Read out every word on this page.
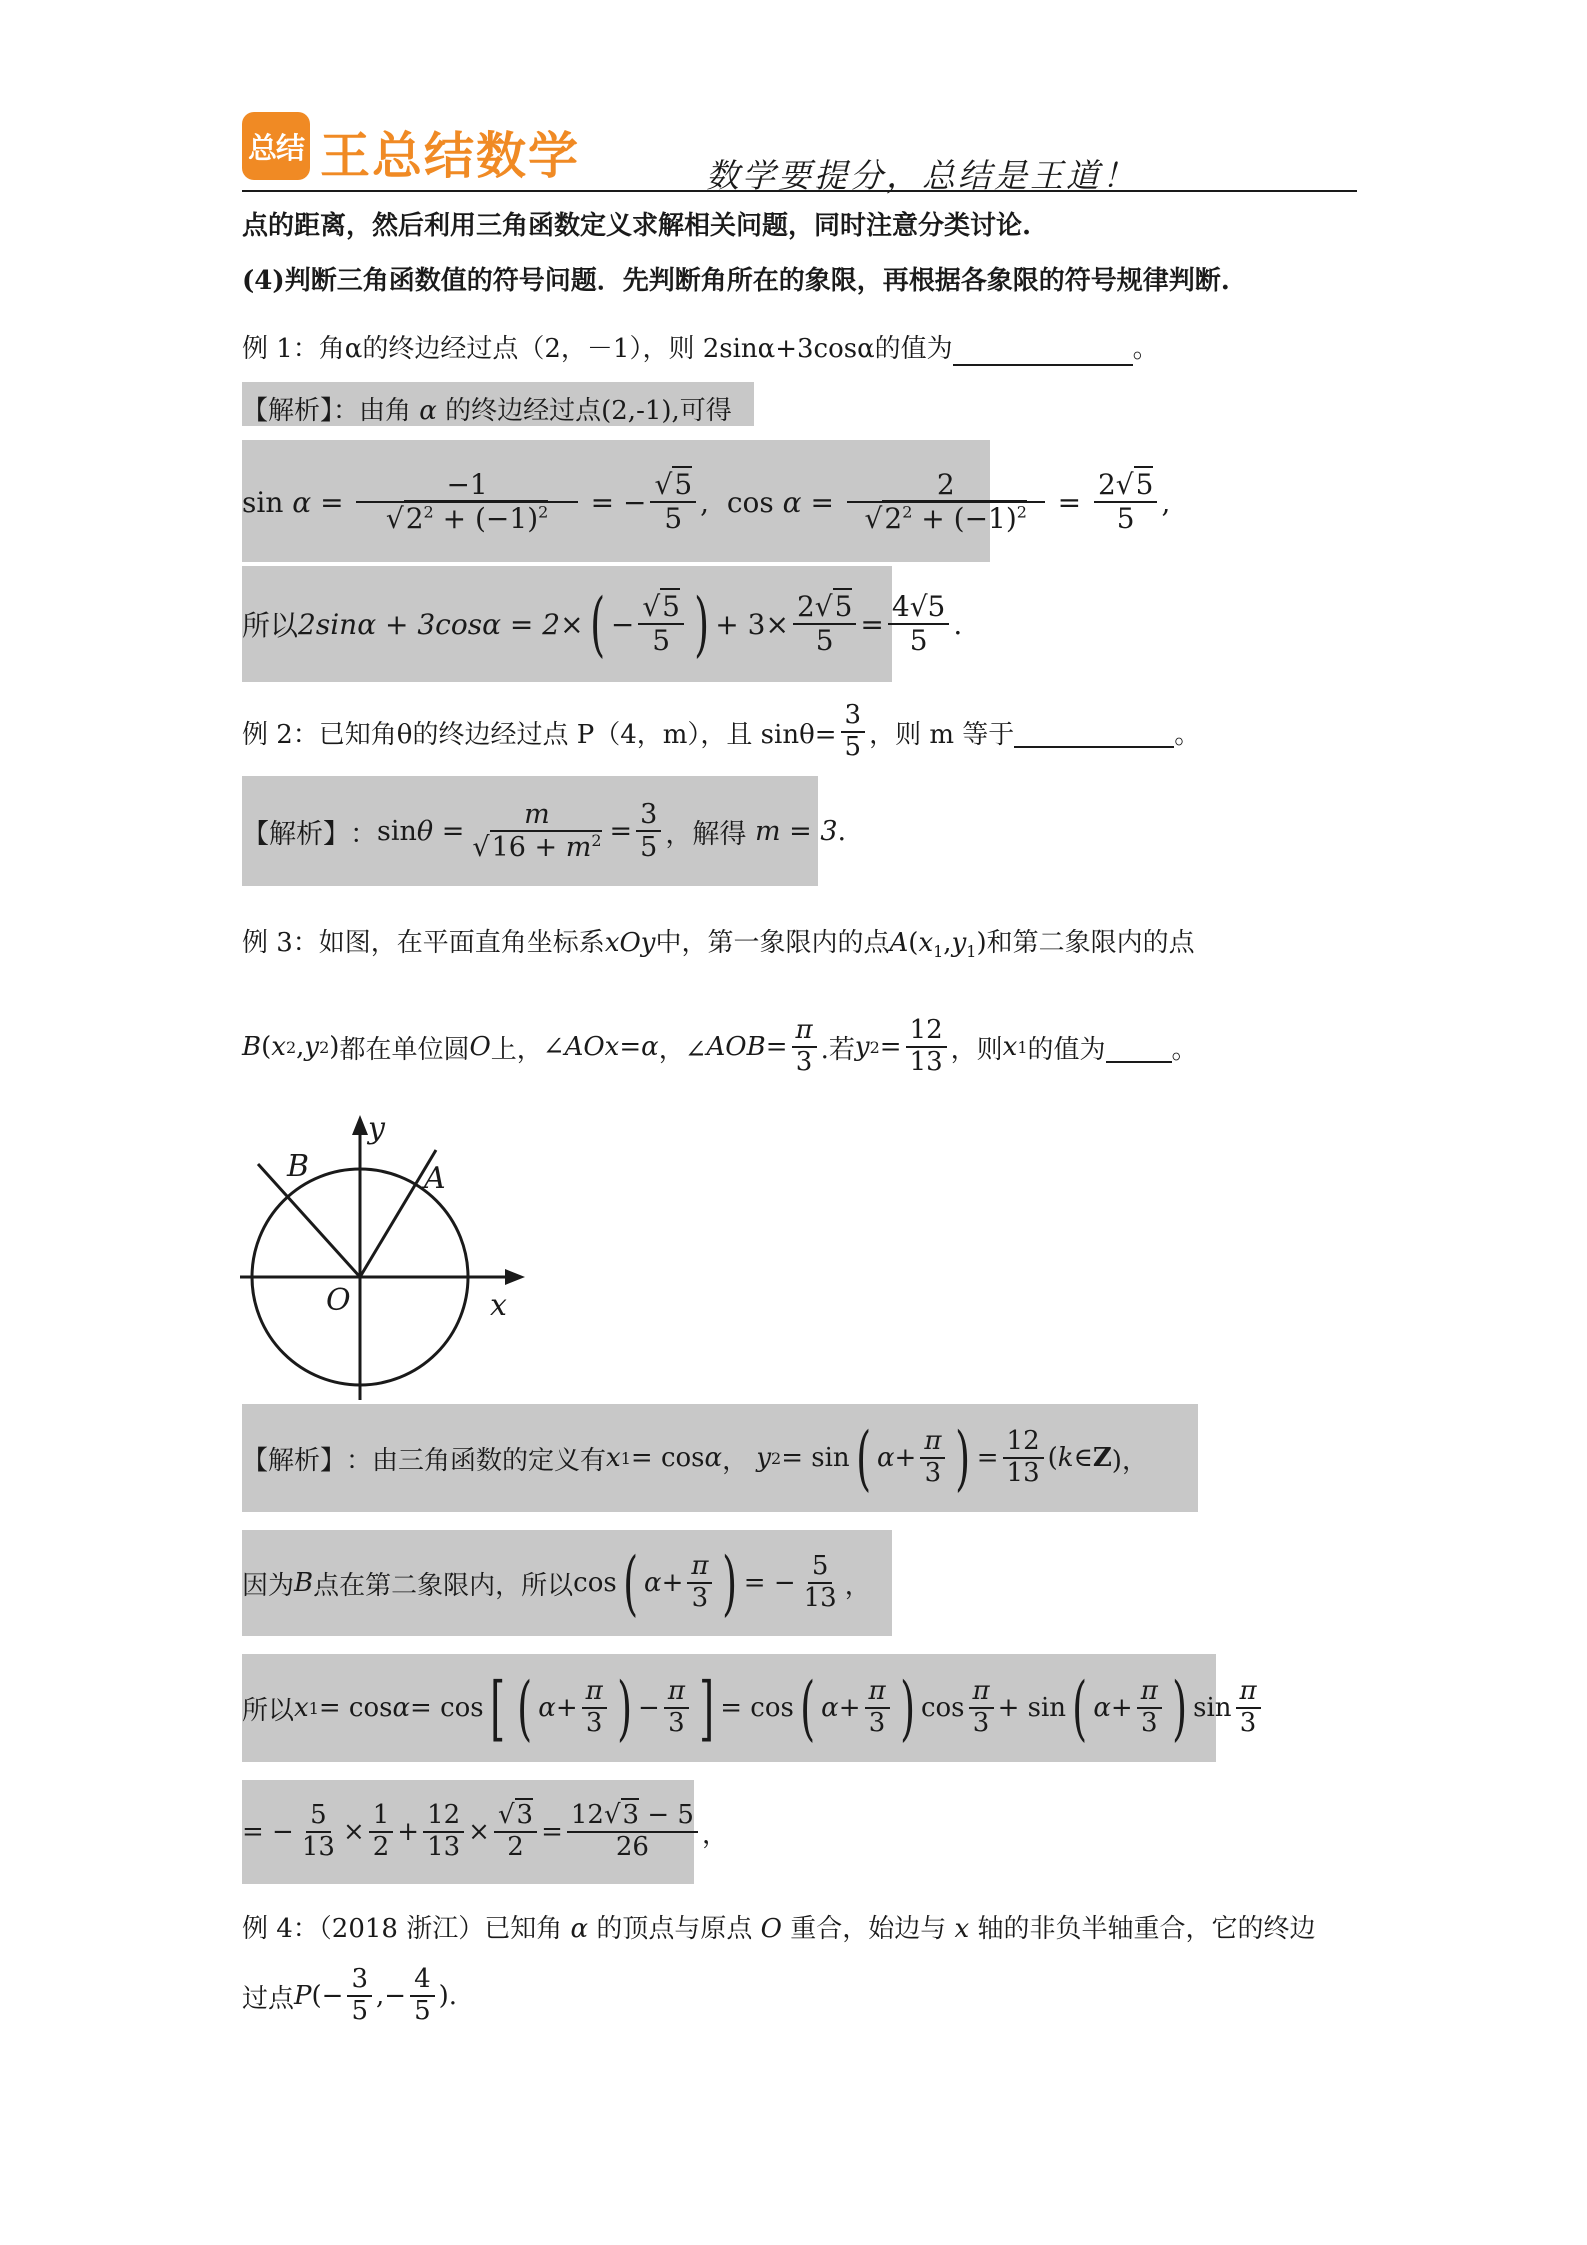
总结 王总结数学	数学要提分，总结是王道！
点的距离，然后利用三角函数定义求解相关问题，同时注意分类讨论.
(4)判断三角函数值的符号问题．先判断角所在的象限，再根据各象限的符号规律判断.
例 1：角α的终边经过点（2，－1），则 2sinα+3cosα的值为	。
【解析】：由角 α 的终边经过点(2,-1),可得
sin
$\alpha = \frac{-1}{√2^2 + (-1)^2}$ = − $\frac{√5}{5}$ , cos
$\alpha = \frac{2}{√2^2 + (-1)^2} = \frac{2√5}{5}$ ,
所以 2sinα + 3cosα = 2× ( − $\frac{√5}{5}$ ) + $3\times \frac{2√5}{5} = \frac{4√5}{5}$ .
例 2：已知角θ的终边经过点 P（4，m），且 $\sin\theta= \frac{3}{5}$ ，则 m 等于
	。
【解析】 ： $\sin \theta = \frac{m}{√16 + m^2} = \frac{3}{5}$ ，解得
m = 3 .
例 3：如图，在平面直角坐标系xOy中，第一象限内的点$A(x_1,y_1)$和第二象限内的点
B ( x 2 , y 2 ) 都在单位圆 O 上， ∠ AOx = α ，∠ AOB = $\frac{\pi}{3}$ .若 y $2 = \frac{12}{13}$ ，则 x 1 的值为
	。
B	A
O	x
y
【解析】 ：由三角函数的定义有 x 1 = cos α ， y 2 = sin ( $\alpha + \frac{\pi}{3}$ ) = $\frac{12}{13}$ ( k ∈ Z )，
因为 B 点在第二象限内，所以 cos ( $\alpha + \frac{\pi}{3}$ ) = − $\frac{5}{13}$ ，
所以 x 1 = cos α = cos [ ( $\alpha + \frac{\pi}{3}$ ) − $\frac{\pi}{3}$ ] = cos ( $\alpha + \frac{\pi}{3}$ ) $\cos \frac{\pi}{3} + \sin$ ( $\alpha + \frac{\pi}{3}$ ) $\sin \frac{\pi}{3}$
= − $\frac{5}{13} \times \frac{1}{2} + \frac{12}{13} \times \frac{√3}{2} = \frac{12√3 - 5}{26}$ ，
例 4：（2018 浙江）已知角 α 的顶点与原点 O 重合，始边与 x 轴的非负半轴重合，它的终边
过点 P (− $\frac{3}{5}$ ,− $\frac{4}{5}$ ).
